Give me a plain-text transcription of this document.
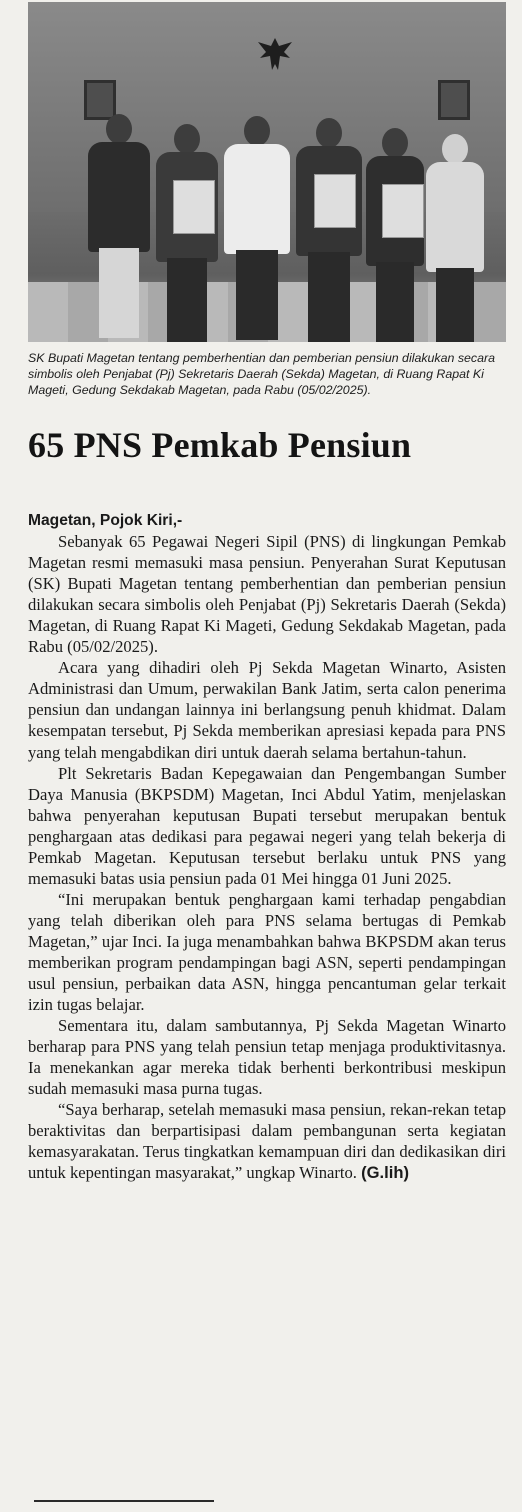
SK Bupati Magetan tentang pemberhentian dan pemberian pensiun dilakukan secara simbolis oleh Penjabat (Pj) Sekretaris Daerah (Sekda) Magetan, di Ruang Rapat Ki Mageti, Gedung Sekdakab Magetan, pada Rabu (05/02/2025).

65 PNS Pemkab Pensiun

Magetan, Pojok Kiri,-

Sebanyak 65 Pegawai Negeri Sipil (PNS) di lingkungan Pemkab Magetan resmi memasuki masa pensiun. Penyerahan Surat Keputusan (SK) Bupati Magetan tentang pemberhentian dan pemberian pensiun dilakukan secara simbolis oleh Penjabat (Pj) Sekretaris Daerah (Sekda) Magetan, di Ruang Rapat Ki Mageti, Gedung Sekdakab Magetan, pada Rabu (05/02/2025).

Acara yang dihadiri oleh Pj Sekda Magetan Winarto, Asisten Administrasi dan Umum, perwakilan Bank Jatim, serta calon penerima pensiun dan undangan lainnya ini berlangsung penuh khidmat. Dalam kesempatan tersebut, Pj Sekda memberikan apresiasi kepada para PNS yang telah mengabdikan diri untuk daerah selama bertahun-tahun.

Plt Sekretaris Badan Kepegawaian dan Pengembangan Sumber Daya Manusia (BKPSDM) Magetan, Inci Abdul Yatim, menjelaskan bahwa penyerahan keputusan Bupati tersebut merupakan bentuk penghargaan atas dedikasi para pegawai negeri yang telah bekerja di Pemkab Magetan. Keputusan tersebut berlaku untuk PNS yang memasuki batas usia pensiun pada 01 Mei hingga 01 Juni 2025.

“Ini merupakan bentuk penghargaan kami terhadap pengabdian yang telah diberikan oleh para PNS selama bertugas di Pemkab Magetan,” ujar Inci. Ia juga menambahkan bahwa BKPSDM akan terus memberikan program pendampingan bagi ASN, seperti pendampingan usul pensiun, perbaikan data ASN, hingga pencantuman gelar terkait izin tugas belajar.

Sementara itu, dalam sambutannya, Pj Sekda Magetan Winarto berharap para PNS yang telah pensiun tetap menjaga produktivitasnya. Ia menekankan agar mereka tidak berhenti berkontribusi meskipun sudah memasuki masa purna tugas.

“Saya berharap, setelah memasuki masa pensiun, rekan-rekan tetap beraktivitas dan berpartisipasi dalam pembangunan serta kegiatan kemasyarakatan. Terus tingkatkan kemampuan diri dan dedikasikan diri untuk kepentingan masyarakat,” ungkap Winarto. (G.lih)
